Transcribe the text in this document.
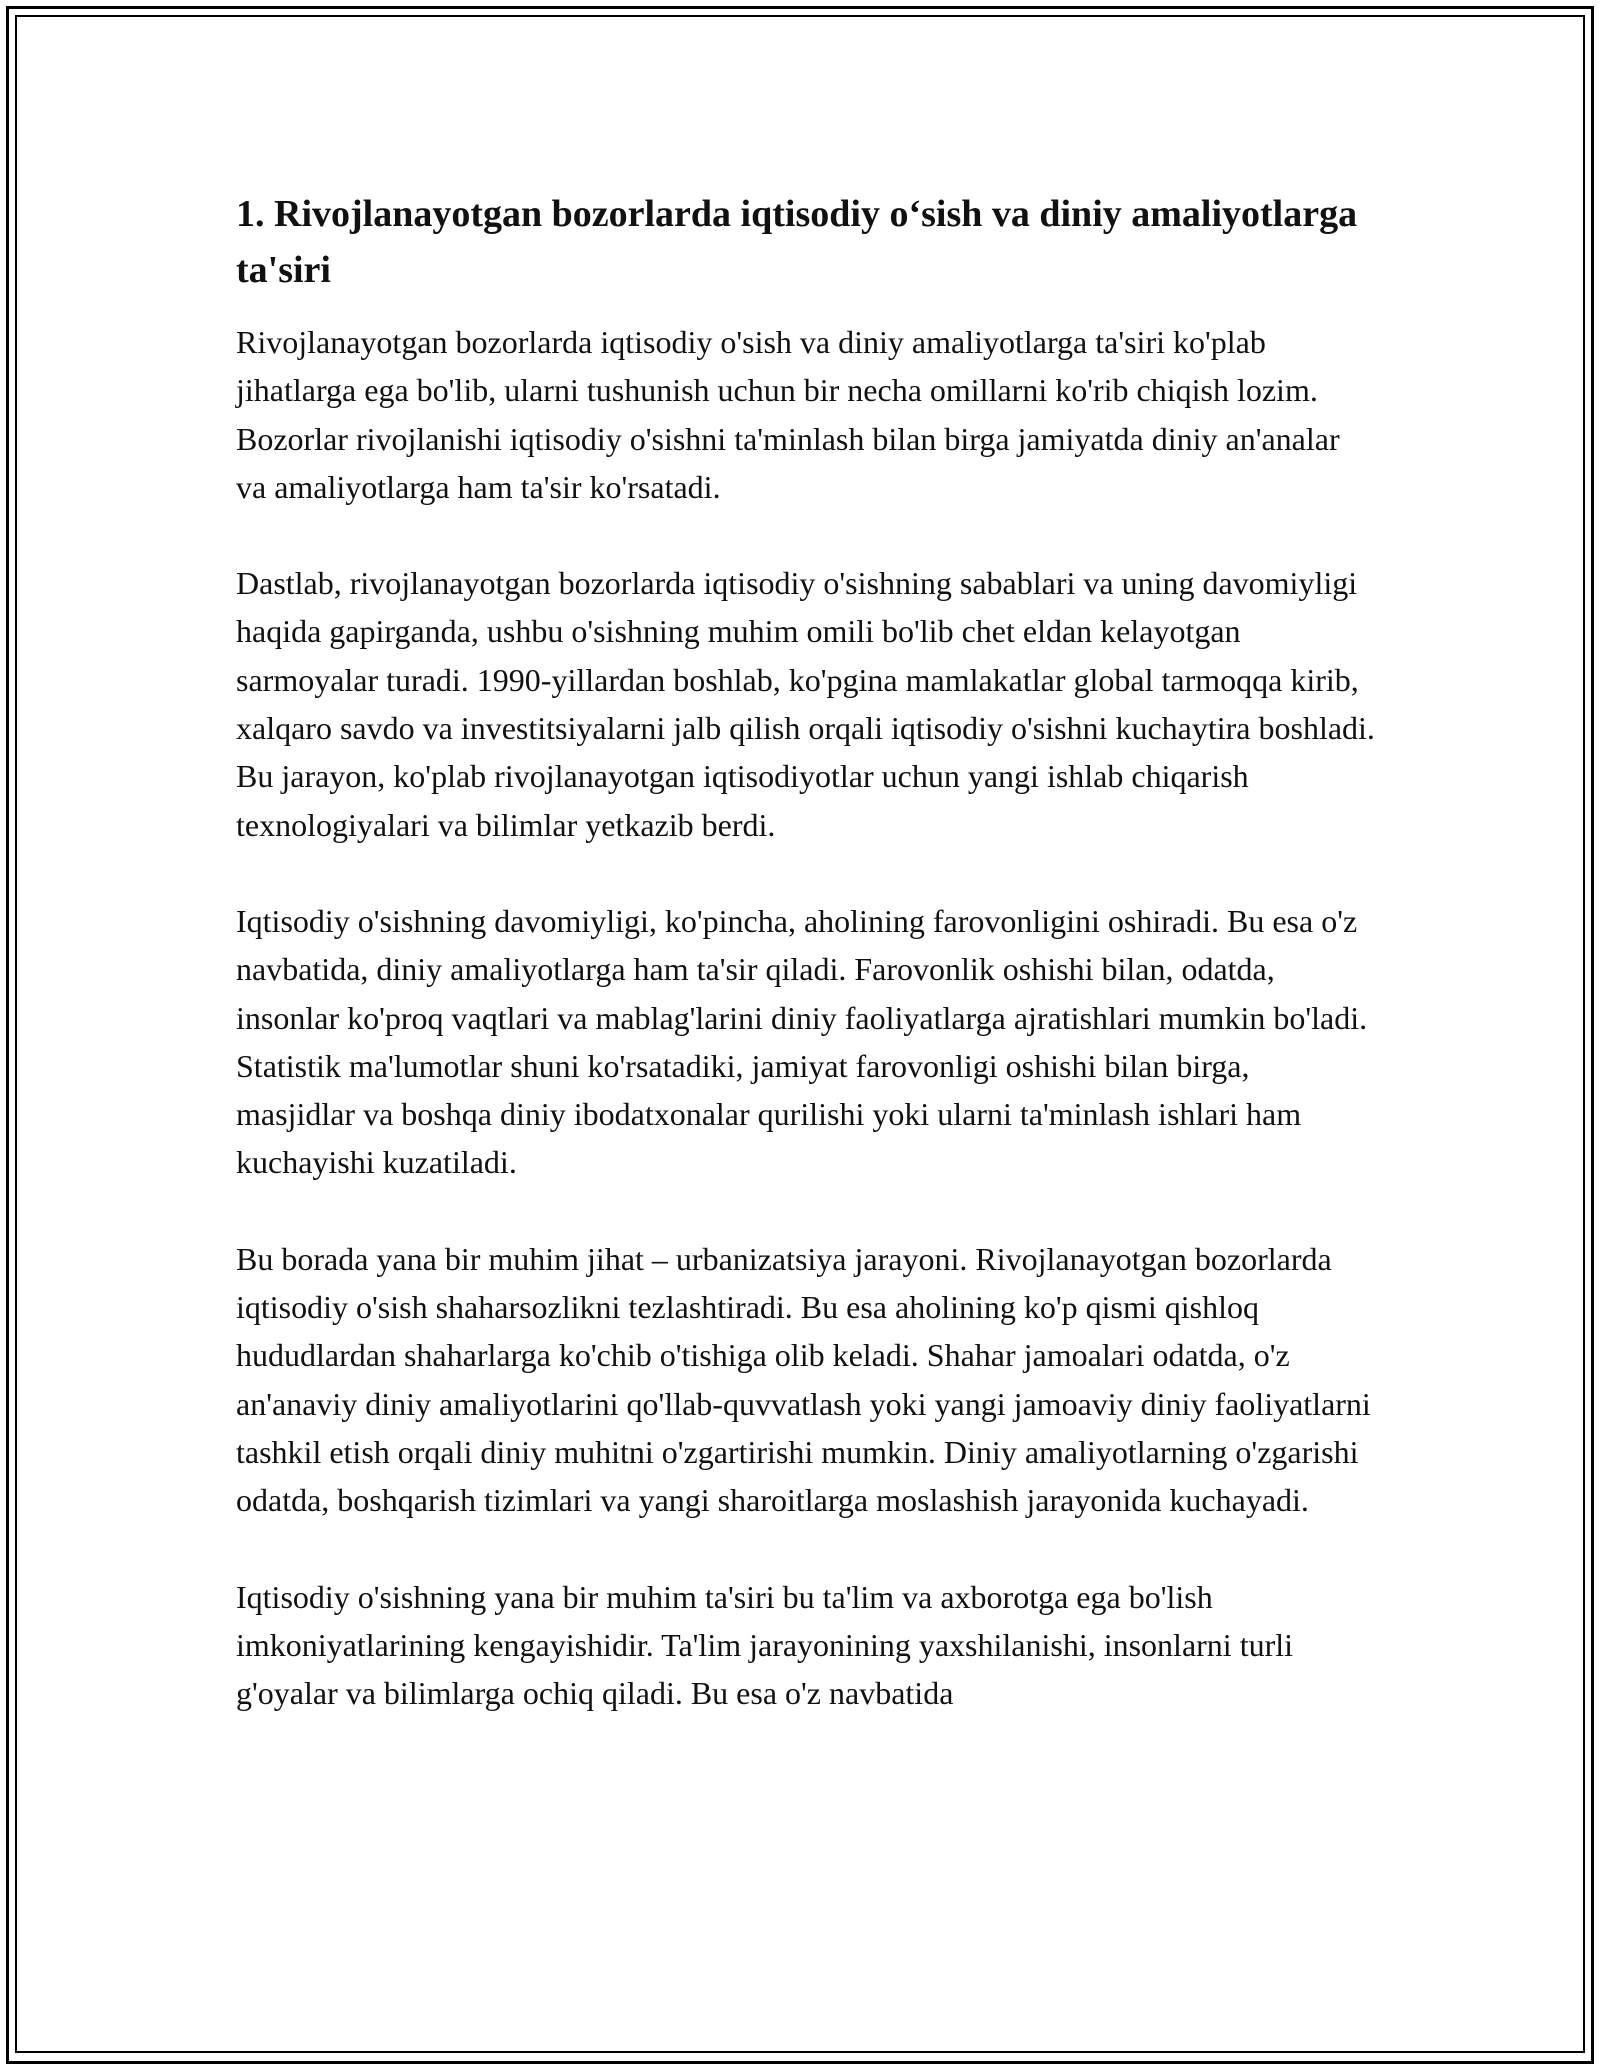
1. Rivojlanayotgan bozorlarda iqtisodiy o‘sish va diniy amaliyotlarga ta'siri

Rivojlanayotgan bozorlarda iqtisodiy o'sish va diniy amaliyotlarga ta'siri ko'plab jihatlarga ega bo'lib, ularni tushunish uchun bir necha omillarni ko'rib chiqish lozim. Bozorlar rivojlanishi iqtisodiy o'sishni ta'minlash bilan birga jamiyatda diniy an'analar va amaliyotlarga ham ta'sir ko'rsatadi.

Dastlab, rivojlanayotgan bozorlarda iqtisodiy o'sishning sabablari va uning davomiyligi haqida gapirganda, ushbu o'sishning muhim omili bo'lib chet eldan kelayotgan sarmoyalar turadi. 1990-yillardan boshlab, ko'pgina mamlakatlar global tarmoqqa kirib, xalqaro savdo va investitsiyalarni jalb qilish orqali iqtisodiy o'sishni kuchaytira boshladi. Bu jarayon, ko'plab rivojlanayotgan iqtisodiyotlar uchun yangi ishlab chiqarish texnologiyalari va bilimlar yetkazib berdi.

Iqtisodiy o'sishning davomiyligi, ko'pincha, aholining farovonligini oshiradi. Bu esa o'z navbatida, diniy amaliyotlarga ham ta'sir qiladi. Farovonlik oshishi bilan, odatda, insonlar ko'proq vaqtlari va mablag'larini diniy faoliyatlarga ajratishlari mumkin bo'ladi. Statistik ma'lumotlar shuni ko'rsatadiki, jamiyat farovonligi oshishi bilan birga, masjidlar va boshqa diniy ibodatxonalar qurilishi yoki ularni ta'minlash ishlari ham kuchayishi kuzatiladi.

Bu borada yana bir muhim jihat – urbanizatsiya jarayoni. Rivojlanayotgan bozorlarda iqtisodiy o'sish shaharsozlikni tezlashtiradi. Bu esa aholining ko'p qismi qishloq hududlardan shaharlarga ko'chib o'tishiga olib keladi. Shahar jamoalari odatda, o'z an'anaviy diniy amaliyotlarini qo'llab-quvvatlash yoki yangi jamoaviy diniy faoliyatlarni tashkil etish orqali diniy muhitni o'zgartirishi mumkin. Diniy amaliyotlarning o'zgarishi odatda, boshqarish tizimlari va yangi sharoitlarga moslashish jarayonida kuchayadi.

Iqtisodiy o'sishning yana bir muhim ta'siri bu ta'lim va axborotga ega bo'lish imkoniyatlarining kengayishidir. Ta'lim jarayonining yaxshilanishi, insonlarni turli g'oyalar va bilimlarga ochiq qiladi. Bu esa o'z navbatida
